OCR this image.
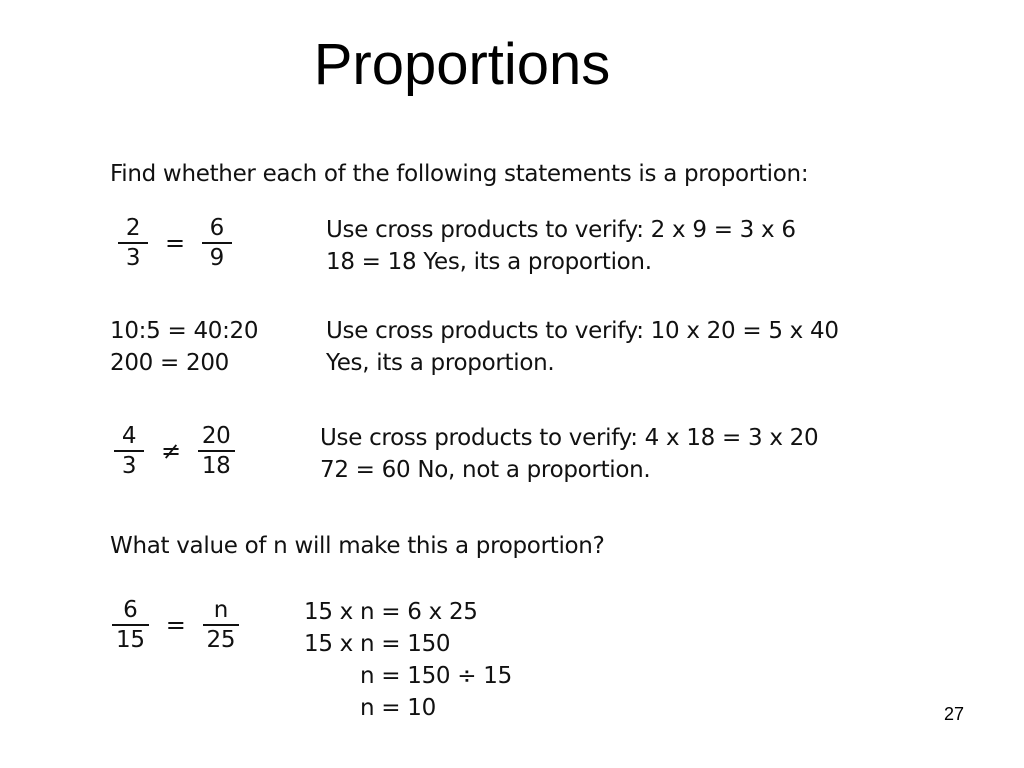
Proportions
Find whether each of the following statements is a proportion:
$\frac{2}{3} = \frac{6}{9}$	Use cross products to verify: 2 x 9 = 3 x 6
18 = 18 Yes, its a proportion.
10:5 = 40:20
200 = 200
Use cross products to verify: 10 x 20 = 5 x 40
Yes, its a proportion.
$\frac{4}{3} \ne \frac{20}{18}$	Use cross products to verify: 4 x 18 = 3 x 20
72 = 60 No, not a proportion.
What value of n will make this a proportion?
$\frac{6}{15} = \frac{n}{25}$	15 x n = 6 x 25
15 x n = 150
n = 150 ÷ 15
n = 10	27
